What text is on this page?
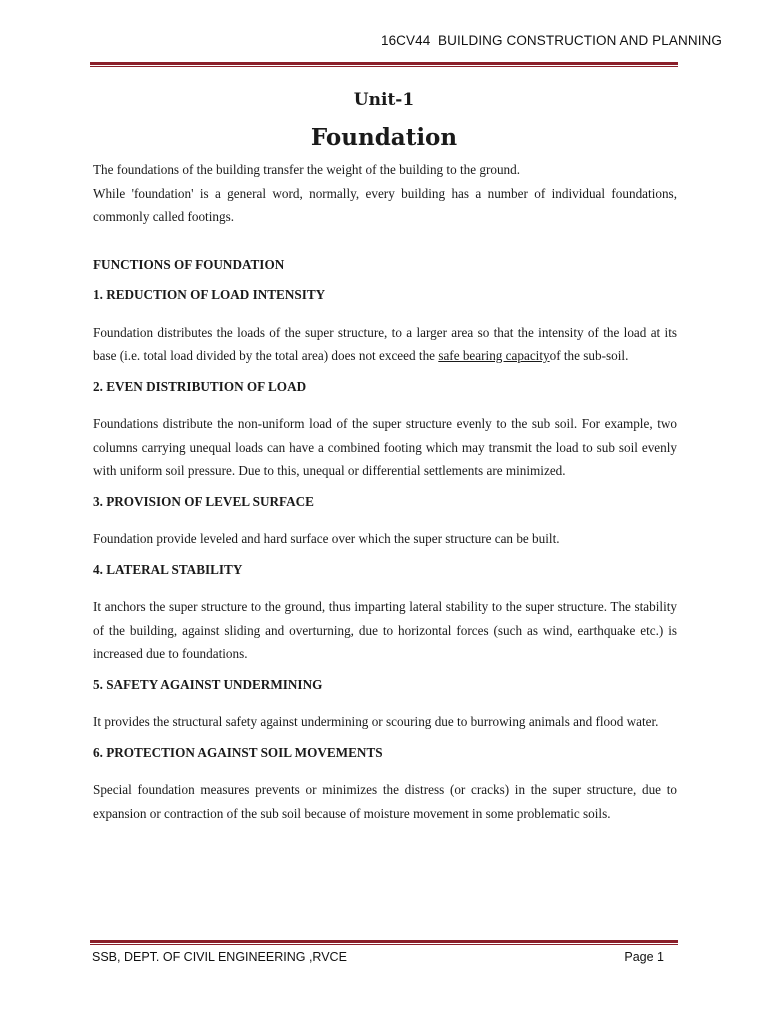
16CV44  BUILDING CONSTRUCTION AND PLANNING
Unit-1
Foundation

The foundations of the building transfer the weight of the building to the ground.

While 'foundation' is a general word, normally, every building has a number of individual foundations, commonly called footings.

FUNCTIONS OF FOUNDATION
1. REDUCTION OF LOAD INTENSITY

Foundation distributes the loads of the super structure, to a larger area so that the intensity of the load at its base (i.e. total load divided by the total area) does not exceed the safe bearing capacityof the sub-soil.

2. EVEN DISTRIBUTION OF LOAD

Foundations distribute the non-uniform load of the super structure evenly to the sub soil. For example, two columns carrying unequal loads can have a combined footing which may transmit the load to sub soil evenly with uniform soil pressure. Due to this, unequal or differential settlements are minimized.

3. PROVISION OF LEVEL SURFACE

Foundation provide leveled and hard surface over which the super structure can be built.

4. LATERAL STABILITY

It anchors the super structure to the ground, thus imparting lateral stability to the super structure. The stability of the building, against sliding and overturning, due to horizontal forces (such as wind, earthquake etc.) is increased due to foundations.

5. SAFETY AGAINST UNDERMINING

It provides the structural safety against undermining or scouring due to burrowing animals and flood water.

6. PROTECTION AGAINST SOIL MOVEMENTS

Special foundation measures prevents or minimizes the distress (or cracks) in the super structure, due to expansion or contraction of the sub soil because of moisture movement in some problematic soils.

SSB, DEPT. OF CIVIL ENGINEERING ,RVCE	Page 1
